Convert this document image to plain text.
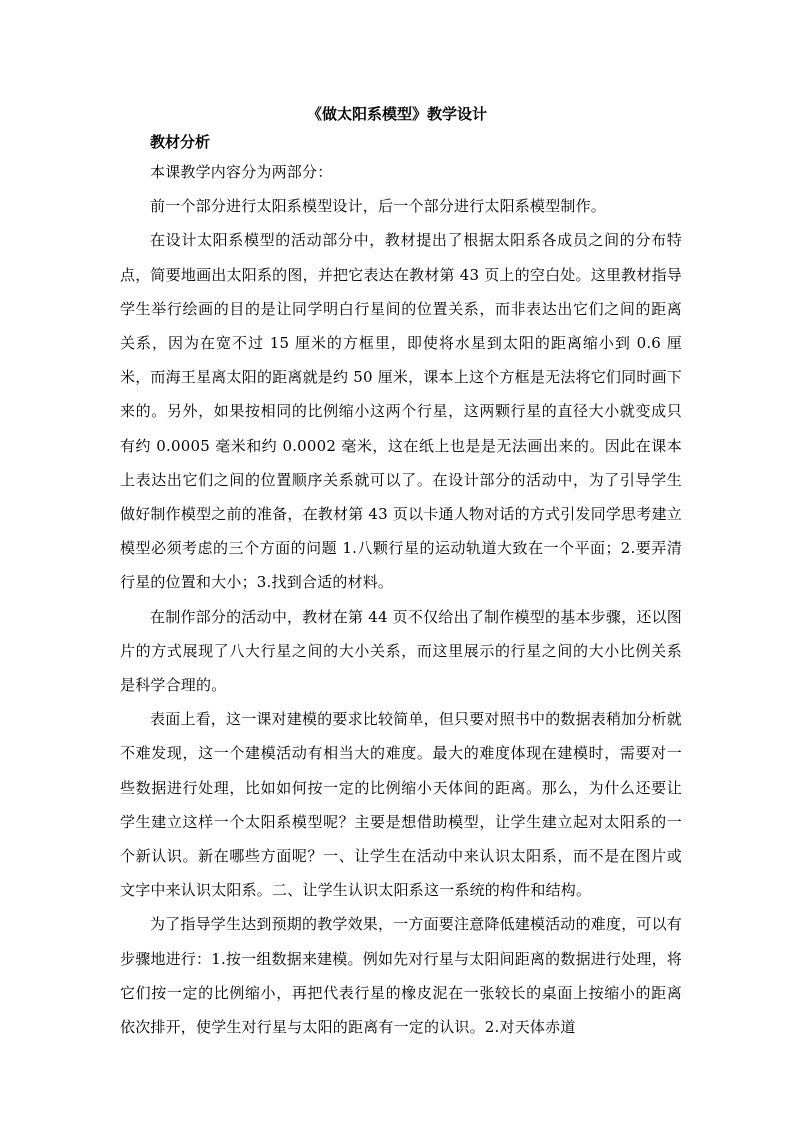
《做太阳系模型》教学设计
教材分析

本课教学内容分为两部分：

前一个部分进行太阳系模型设计，后一个部分进行太阳系模型制作。

在设计太阳系模型的活动部分中，教材提出了根据太阳系各成员之间的分布特点，简要地画出太阳系的图，并把它表达在教材第 43 页上的空白处。这里教材指导学生举行绘画的目的是让同学明白行星间的位置关系，而非表达出它们之间的距离关系，因为在宽不过 15 厘米的方框里，即使将水星到太阳的距离缩小到 0.6 厘米，而海王星离太阳的距离就是约 50 厘米，课本上这个方框是无法将它们同时画下来的。另外，如果按相同的比例缩小这两个行星，这两颗行星的直径大小就变成只有约 0.0005 毫米和约 0.0002 毫米，这在纸上也是是无法画出来的。因此在课本上表达出它们之间的位置顺序关系就可以了。在设计部分的活动中，为了引导学生做好制作模型之前的准备，在教材第 43 页以卡通人物对话的方式引发同学思考建立模型必须考虑的三个方面的问题 1.八颗行星的运动轨道大致在一个平面；2.要弄清行星的位置和大小；3.找到合适的材料。

在制作部分的活动中，教材在第 44 页不仅给出了制作模型的基本步骤，还以图片的方式展现了八大行星之间的大小关系，而这里展示的行星之间的大小比例关系是科学合理的。

表面上看，这一课对建模的要求比较简单，但只要对照书中的数据表稍加分析就不难发现，这一个建模活动有相当大的难度。最大的难度体现在建模时，需要对一些数据进行处理，比如如何按一定的比例缩小天体间的距离。那么，为什么还要让学生建立这样一个太阳系模型呢？主要是想借助模型，让学生建立起对太阳系的一个新认识。新在哪些方面呢？一、让学生在活动中来认识太阳系，而不是在图片或文字中来认识太阳系。二、让学生认识太阳系这一系统的构件和结构。

为了指导学生达到预期的教学效果，一方面要注意降低建模活动的难度，可以有步骤地进行：1.按一组数据来建模。例如先对行星与太阳间距离的数据进行处理，将它们按一定的比例缩小，再把代表行星的橡皮泥在一张较长的桌面上按缩小的距离依次排开，使学生对行星与太阳的距离有一定的认识。2.对天体赤道
